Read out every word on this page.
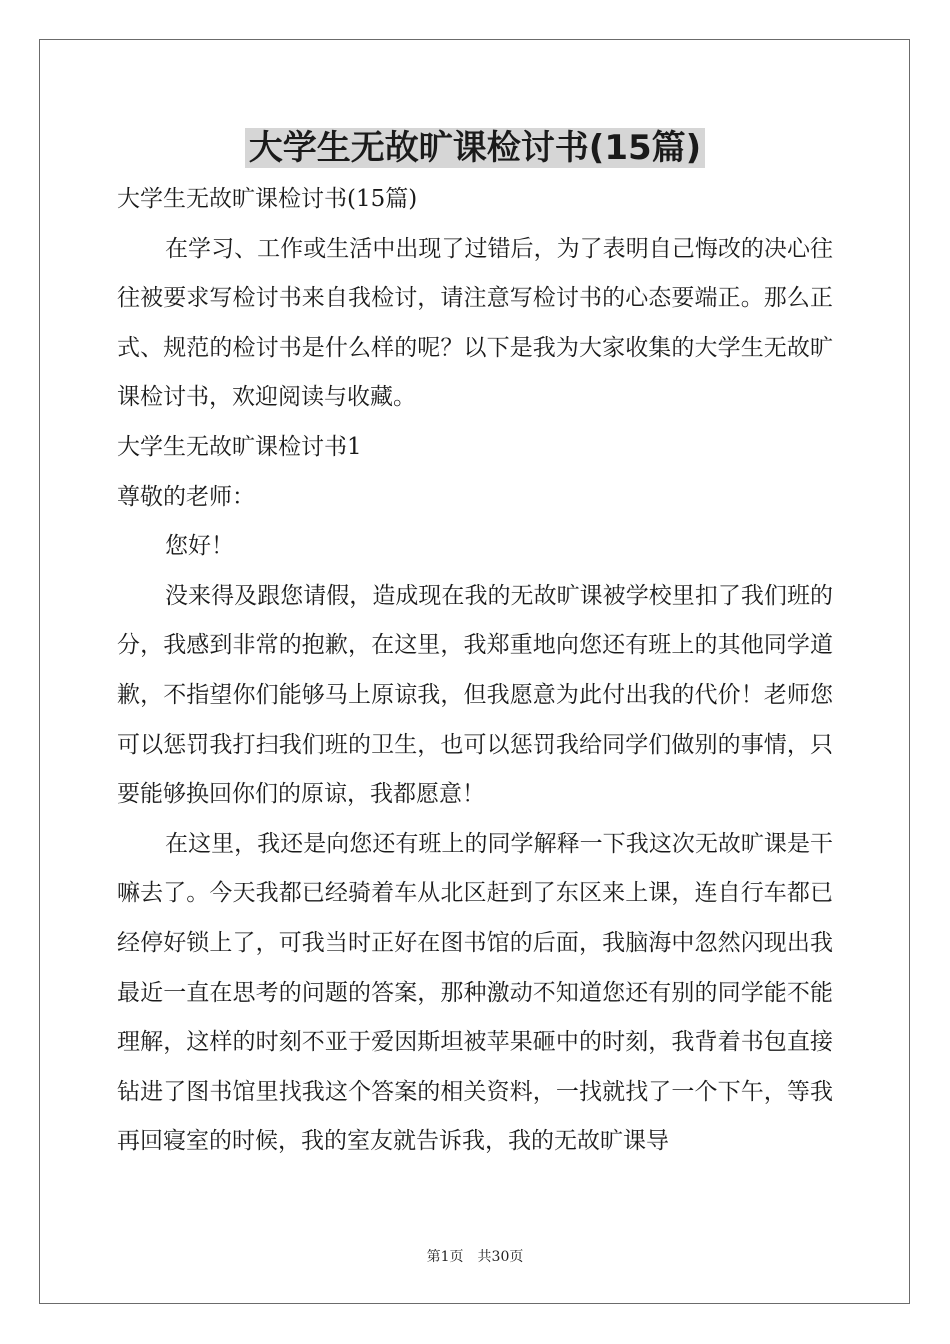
大学生无故旷课检讨书(15篇)

大学生无故旷课检讨书(15篇)

在学习、工作或生活中出现了过错后，为了表明自己悔改的决心往往被要求写检讨书来自我检讨，请注意写检讨书的心态要端正。那么正式、规范的检讨书是什么样的呢？以下是我为大家收集的大学生无故旷课检讨书，欢迎阅读与收藏。

大学生无故旷课检讨书1

尊敬的老师：

您好！

没来得及跟您请假，造成现在我的无故旷课被学校里扣了我们班的分，我感到非常的抱歉，在这里，我郑重地向您还有班上的其他同学道歉，不指望你们能够马上原谅我，但我愿意为此付出我的代价！老师您可以惩罚我打扫我们班的卫生，也可以惩罚我给同学们做别的事情，只要能够换回你们的原谅，我都愿意！

在这里，我还是向您还有班上的同学解释一下我这次无故旷课是干嘛去了。今天我都已经骑着车从北区赶到了东区来上课，连自行车都已经停好锁上了，可我当时正好在图书馆的后面，我脑海中忽然闪现出我最近一直在思考的问题的答案，那种激动不知道您还有别的同学能不能理解，这样的时刻不亚于爱因斯坦被苹果砸中的时刻，我背着书包直接钻进了图书馆里找我这个答案的相关资料，一找就找了一个下午，等我再回寝室的时候，我的室友就告诉我，我的无故旷课导

第1页　共30页
